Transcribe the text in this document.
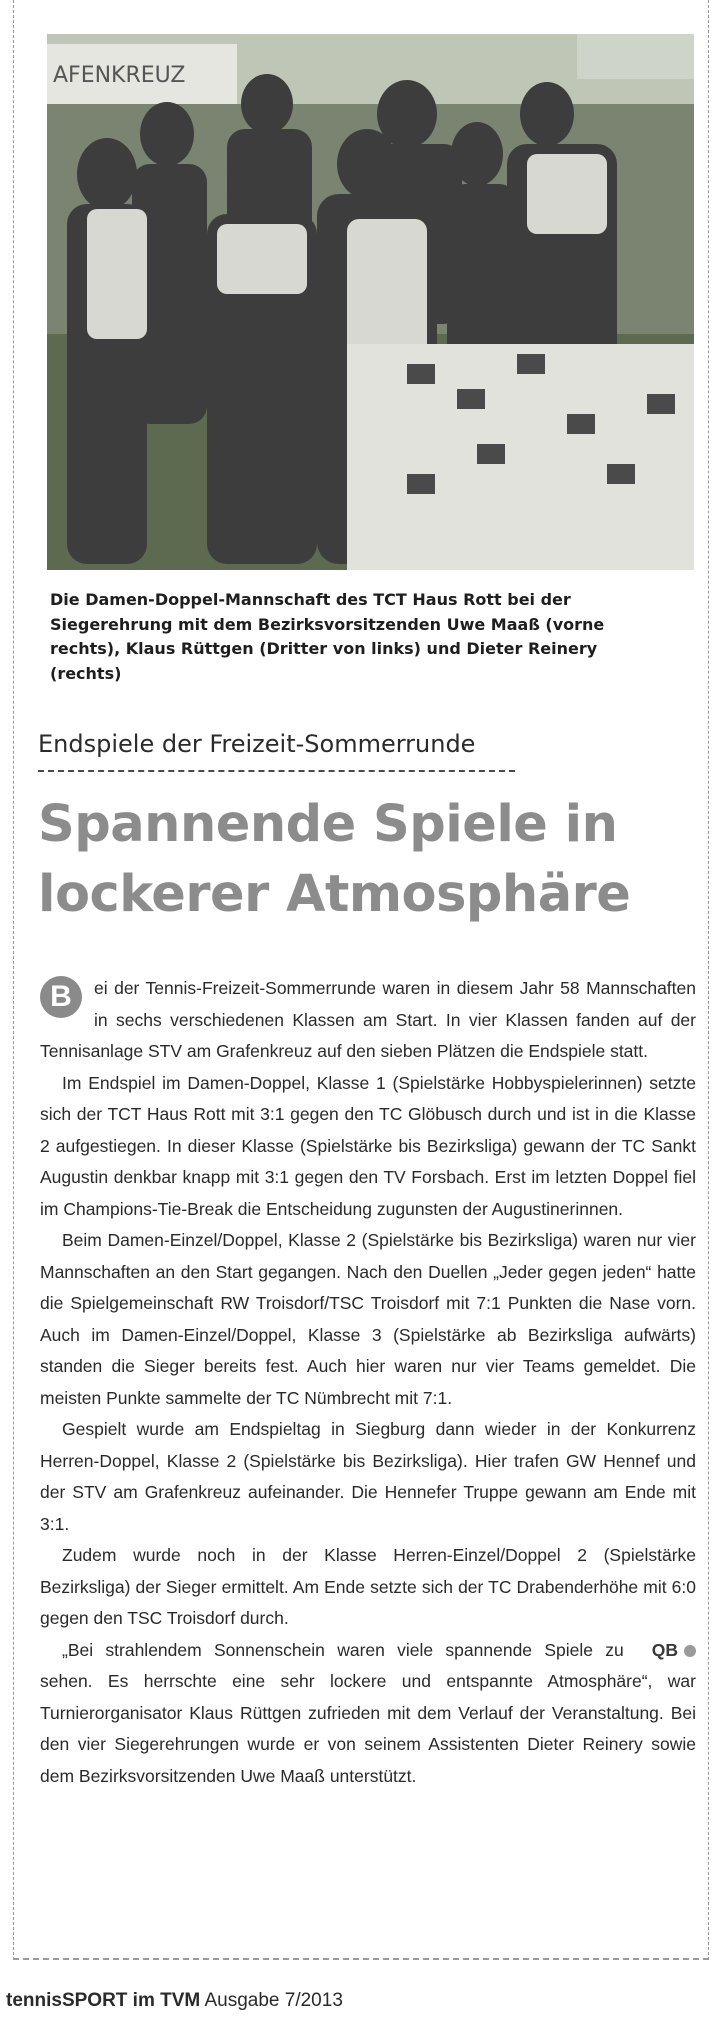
AFENKREUZ
Die Damen-Doppel-Mannschaft des TCT Haus Rott bei der Siegerehrung mit dem Bezirksvorsitzenden Uwe Maaß (vorne rechts), Klaus Rüttgen (Dritter von links) und Dieter Reinery (rechts)
Endspiele der Freizeit-Sommerrunde
Spannende Spiele in lockerer Atmosphäre

B	ei der Tennis-Freizeit-Sommerrunde waren in diesem Jahr 58 Mannschaften in sechs verschiedenen Klassen am Start. In vier Klassen fanden auf der Tennisanlage STV am Grafenkreuz auf den sieben Plätzen die Endspiele statt.

Im Endspiel im Damen-Doppel, Klasse 1 (Spielstärke Hobbyspielerinnen) setzte sich der TCT Haus Rott mit 3:1 gegen den TC Glöbusch durch und ist in die Klasse 2 aufgestiegen. In dieser Klasse (Spielstärke bis Bezirksliga) gewann der TC Sankt Augustin denkbar knapp mit 3:1 gegen den TV Forsbach. Erst im letzten Doppel fiel im Champions-Tie-Break die Entscheidung zugunsten der Augustinerinnen.

Beim Damen-Einzel/Doppel, Klasse 2 (Spielstärke bis Bezirksliga) waren nur vier Mannschaften an den Start gegangen. Nach den Duellen „Jeder gegen jeden“ hatte die Spielgemeinschaft RW Troisdorf/TSC Troisdorf mit 7:1 Punkten die Nase vorn. Auch im Damen-Einzel/Doppel, Klasse 3 (Spielstärke ab Bezirksliga aufwärts) standen die Sieger bereits fest. Auch hier waren nur vier Teams gemeldet. Die meisten Punkte sammelte der TC Nümbrecht mit 7:1.

Gespielt wurde am Endspieltag in Siegburg dann wieder in der Konkurrenz Herren-Doppel, Klasse 2 (Spielstärke bis Bezirksliga). Hier trafen GW Hennef und der STV am Grafenkreuz aufeinander. Die Hennefer Truppe gewann am Ende mit 3:1.

Zudem wurde noch in der Klasse Herren-Einzel/Doppel 2 (Spielstärke Bezirksliga) der Sieger ermittelt. Am Ende setzte sich der TC Drabenderhöhe mit 6:0 gegen den TSC Troisdorf durch.

QB
„Bei strahlendem Sonnenschein waren viele spannende Spiele zu sehen. Es herrschte eine sehr lockere und entspannte Atmosphäre“, war Turnierorganisator Klaus Rüttgen zufrieden mit dem Verlauf der Veranstaltung. Bei den vier Siegerehrungen wurde er von seinem Assistenten Dieter Reinery sowie dem Bezirksvorsitzenden Uwe Maaß unterstützt.

tennisSPORT im TVM Ausgabe 7/2013
